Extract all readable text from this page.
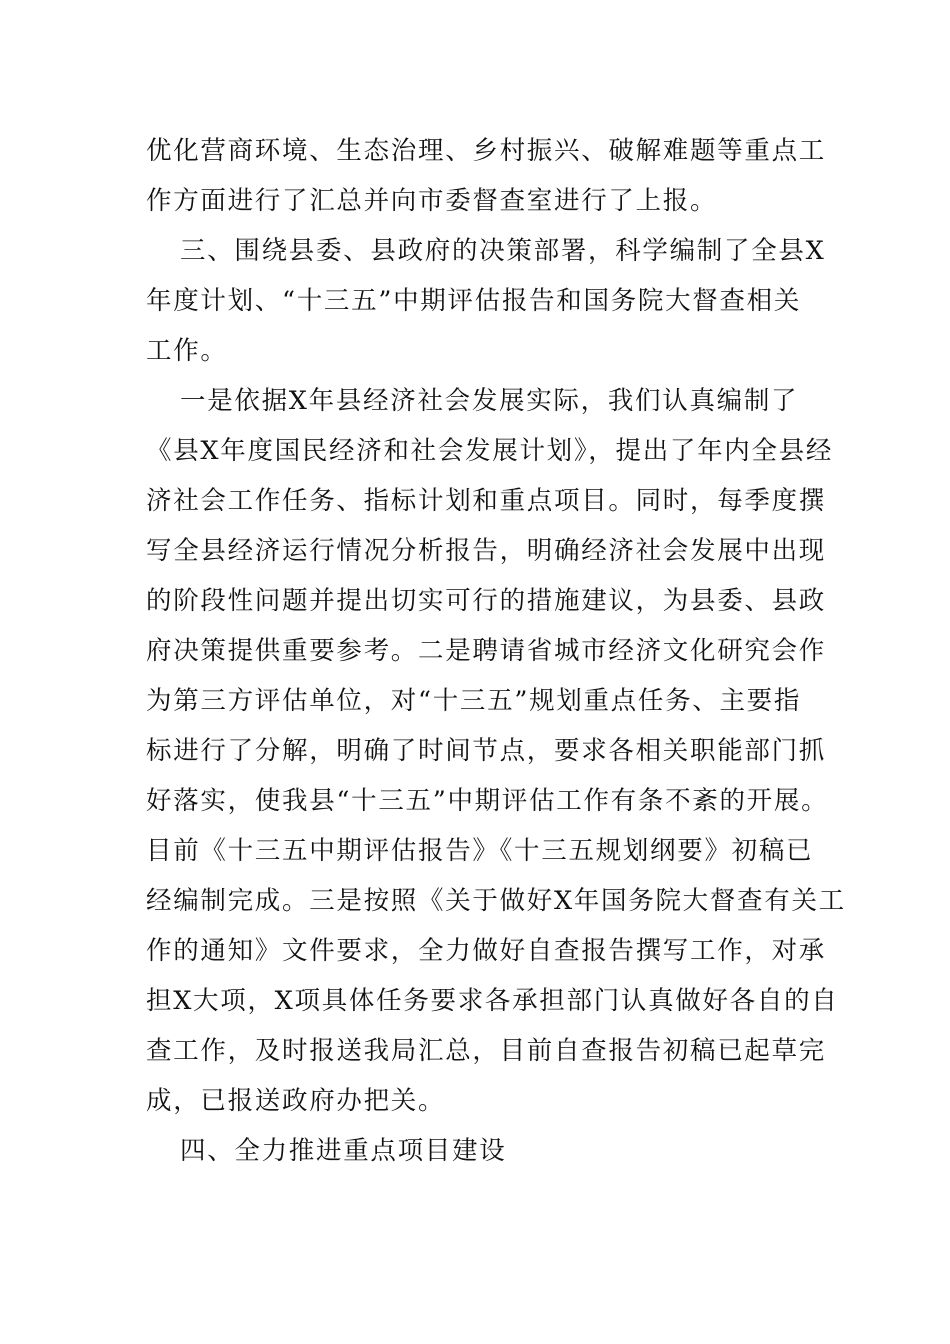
优化营商环境、生态治理、乡村振兴、破解难题等重点工
作方面进行了汇总并向市委督查室进行了上报。
三、围绕县委、县政府的决策部署，科学编制了全县X
年度计划、“十三五”中期评估报告和国务院大督查相关
工作。
一是依据X年县经济社会发展实际，我们认真编制了
《县X年度国民经济和社会发展计划》，提出了年内全县经
济社会工作任务、指标计划和重点项目。同时，每季度撰
写全县经济运行情况分析报告，明确经济社会发展中出现
的阶段性问题并提出切实可行的措施建议，为县委、县政
府决策提供重要参考。二是聘请省城市经济文化研究会作
为第三方评估单位，对“十三五”规划重点任务、主要指
标进行了分解，明确了时间节点，要求各相关职能部门抓
好落实，使我县“十三五”中期评估工作有条不紊的开展。
目前《十三五中期评估报告》《十三五规划纲要》初稿已
经编制完成。三是按照《关于做好X年国务院大督查有关工
作的通知》文件要求，全力做好自查报告撰写工作，对承
担X大项，X项具体任务要求各承担部门认真做好各自的自
查工作，及时报送我局汇总，目前自查报告初稿已起草完
成，已报送政府办把关。
四、全力推进重点项目建设
